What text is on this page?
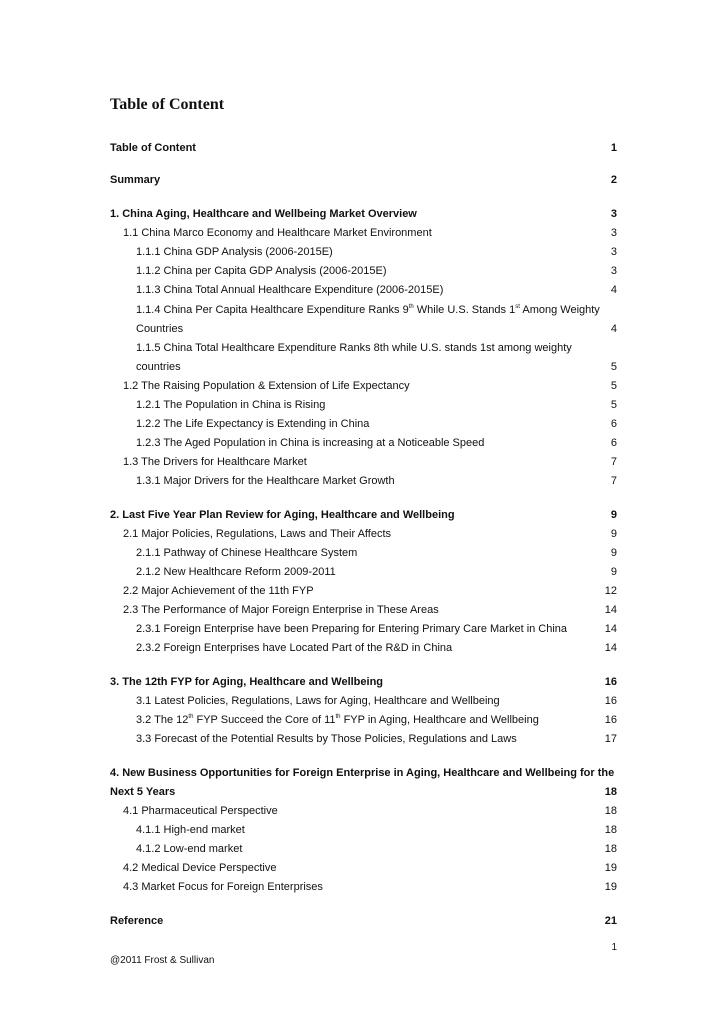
Table of Content
Table of Content	1
Summary	2
1. China Aging, Healthcare and Wellbeing Market Overview	3
1.1 China Marco Economy and Healthcare Market Environment	3
1.1.1 China GDP Analysis (2006-2015E)	3
1.1.2 China per Capita GDP Analysis (2006-2015E)	3
1.1.3 China Total Annual Healthcare Expenditure (2006-2015E)	4
1.1.4 China Per Capita Healthcare Expenditure Ranks 9th While U.S. Stands 1st Among Weighty
Countries	4
1.1.5 China Total Healthcare Expenditure Ranks 8th while U.S. stands 1st among weighty
countries	5
1.2 The Raising Population & Extension of Life Expectancy	5
1.2.1 The Population in China is Rising	5
1.2.2 The Life Expectancy is Extending in China	6
1.2.3 The Aged Population in China is increasing at a Noticeable Speed	6
1.3 The Drivers for Healthcare Market	7
1.3.1 Major Drivers for the Healthcare Market Growth	7
2. Last Five Year Plan Review for Aging, Healthcare and Wellbeing	9
2.1 Major Policies, Regulations, Laws and Their Affects	9
2.1.1 Pathway of Chinese Healthcare System	9
2.1.2 New Healthcare Reform 2009-2011	9
2.2 Major Achievement of the 11th FYP	12
2.3 The Performance of Major Foreign Enterprise in These Areas	14
2.3.1 Foreign Enterprise have been Preparing for Entering Primary Care Market in China	14
2.3.2 Foreign Enterprises have Located Part of the R&D in China	14
3. The 12th FYP for Aging, Healthcare and Wellbeing	16
3.1 Latest Policies, Regulations, Laws for Aging, Healthcare and Wellbeing	16
3.2 The 12th FYP Succeed the Core of 11th FYP in Aging, Healthcare and Wellbeing	16
3.3 Forecast of the Potential Results by Those Policies, Regulations and Laws	17
4. New Business Opportunities for Foreign Enterprise in Aging, Healthcare and Wellbeing for the
Next 5 Years	18
4.1 Pharmaceutical Perspective	18
4.1.1 High-end market	18
4.1.2 Low-end market	18
4.2 Medical Device Perspective	19
4.3 Market Focus for Foreign Enterprises	19
Reference	21
1
@2011 Frost & Sullivan
